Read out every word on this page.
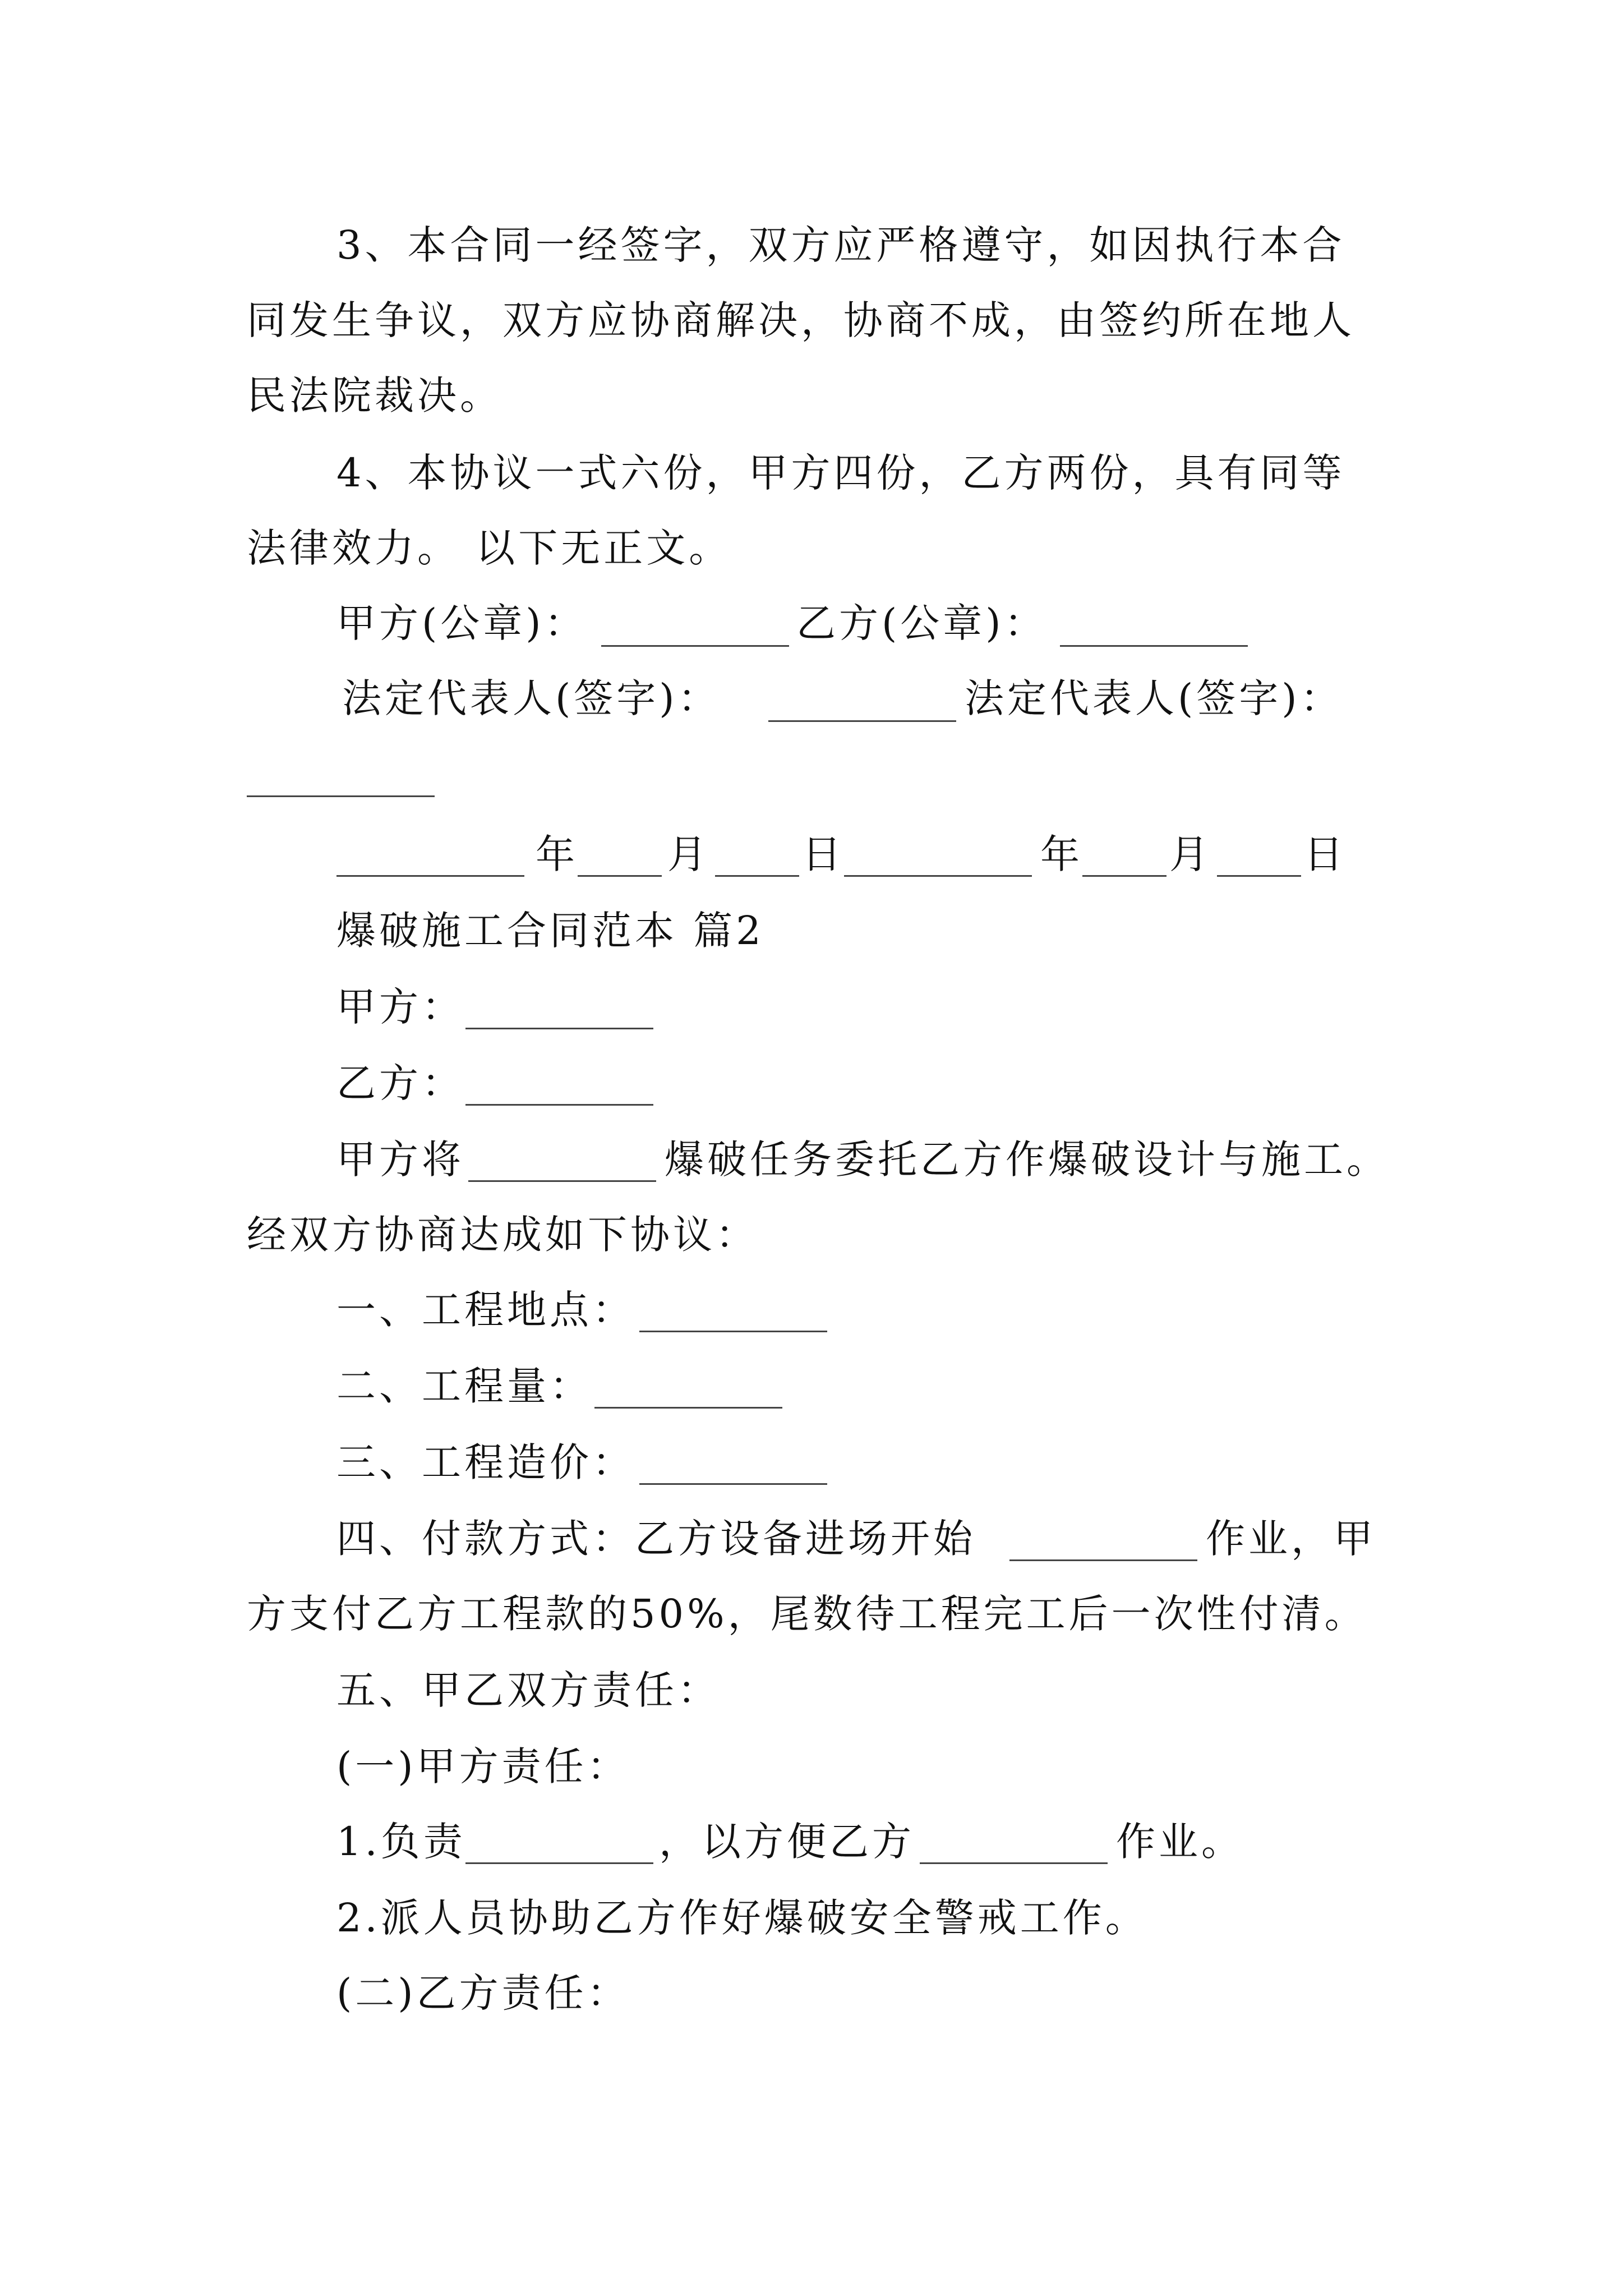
3、本合同一经签字，双方应严格遵守，如因执行本合
同发生争议，双方应协商解决，协商不成，由签约所在地人
民法院裁决。
4、本协议一式六份，甲方四份，乙方两份，具有同等
法律效力。 以下无正文。
甲方(公章)：	乙方(公章)：
法定代表人(签字)：	法定代表人(签字)：
年 月 日	年 月 日
爆破施工合同范本 篇2
甲方：
乙方：
甲方将	爆破任务委托乙方作爆破设计与施工。
经双方协商达成如下协议：
一、工程地点：
二、工程量：
三、工程造价：
四、付款方式：乙方设备进场开始	作业，甲
方支付乙方工程款的50%，尾数待工程完工后一次性付清。
五、甲乙双方责任：
(一)甲方责任：
1.负责	，以方便乙方	作业。
2.派人员协助乙方作好爆破安全警戒工作。
(二)乙方责任：
